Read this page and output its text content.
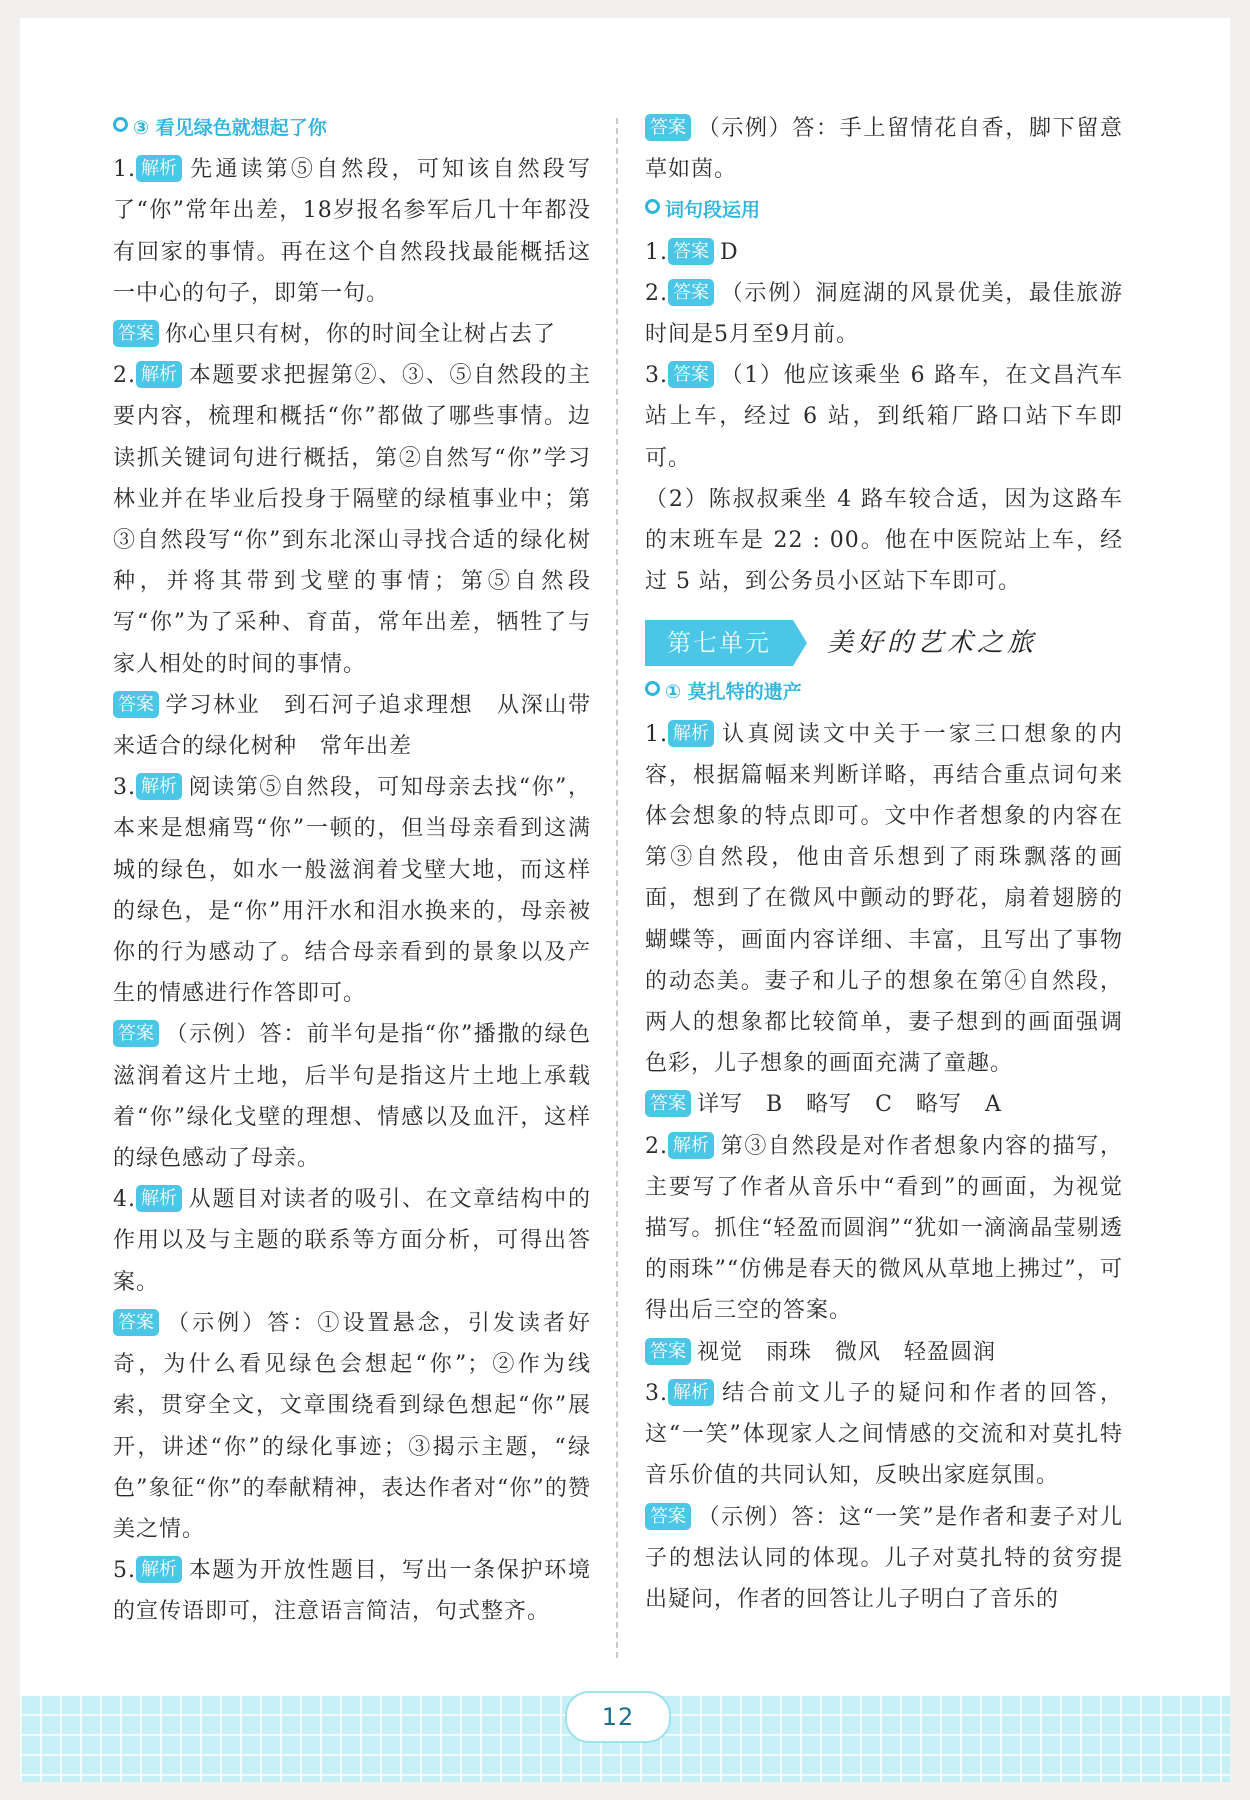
③ 看见绿色就想起了你
1. 解析 先通读第⑤自然段，可知该自然段写了“你”常年出差，18岁报名参军后几十年都没有回家的事情。再在这个自然段找最能概括这一中心的句子，即第一句。
答案 你心里只有树，你的时间全让树占去了
2. 解析 本题要求把握第②、③、⑤自然段的主要内容，梳理和概括“你”都做了哪些事情。边读抓关键词句进行概括，第②自然写“你”学习林业并在毕业后投身于隔壁的绿植事业中；第③自然段写“你”到东北深山寻找合适的绿化树种，并将其带到戈壁的事情；第⑤自然段写“你”为了采种、育苗，常年出差，牺牲了与家人相处的时间的事情。
答案 学习林业　到石河子追求理想　从深山带来适合的绿化树种　常年出差
3. 解析 阅读第⑤自然段，可知母亲去找“你”，本来是想痛骂“你”一顿的，但当母亲看到这满城的绿色，如水一般滋润着戈壁大地，而这样的绿色，是“你”用汗水和泪水换来的，母亲被你的行为感动了。结合母亲看到的景象以及产生的情感进行作答即可。
答案 （示例）答：前半句是指“你”播撒的绿色滋润着这片土地，后半句是指这片土地上承载着“你”绿化戈壁的理想、情感以及血汗，这样的绿色感动了母亲。
4. 解析 从题目对读者的吸引、在文章结构中的作用以及与主题的联系等方面分析，可得出答案。
答案 （示例）答：①设置悬念，引发读者好奇，为什么看见绿色会想起“你”；②作为线索，贯穿全文，文章围绕看到绿色想起“你”展开，讲述“你”的绿化事迹；③揭示主题，“绿色”象征“你”的奉献精神，表达作者对“你”的赞美之情。
5. 解析 本题为开放性题目，写出一条保护环境的宣传语即可，注意语言简洁，句式整齐。
答案 （示例）答：手上留情花自香，脚下留意草如茵。
词句段运用
1. 答案 D
2. 答案 （示例）洞庭湖的风景优美，最佳旅游时间是5月至9月前。
3. 答案 （1）他应该乘坐 6 路车，在文昌汽车站上车，经过 6 站，到纸箱厂路口站下车即可。
（2）陈叔叔乘坐 4 路车较合适，因为这路车的末班车是 22 : 00。他在中医院站上车，经过 5 站，到公务员小区站下车即可。
第七单元	美好的艺术之旅
① 莫扎特的遗产
1. 解析 认真阅读文中关于一家三口想象的内容，根据篇幅来判断详略，再结合重点词句来体会想象的特点即可。文中作者想象的内容在第③自然段，他由音乐想到了雨珠飘落的画面，想到了在微风中颤动的野花，扇着翅膀的蝴蝶等，画面内容详细、丰富，且写出了事物的动态美。妻子和儿子的想象在第④自然段，两人的想象都比较简单，妻子想到的画面强调色彩，儿子想象的画面充满了童趣。
答案 详写　B　略写　C　略写　A
2. 解析 第③自然段是对作者想象内容的描写，主要写了作者从音乐中“看到”的画面，为视觉描写。抓住“轻盈而圆润”“犹如一滴滴晶莹剔透的雨珠”“仿佛是春天的微风从草地上拂过”，可得出后三空的答案。
答案 视觉　雨珠　微风　轻盈圆润
3. 解析 结合前文儿子的疑问和作者的回答，这“一笑”体现家人之间情感的交流和对莫扎特音乐价值的共同认知，反映出家庭氛围。
答案 （示例）答：这“一笑”是作者和妻子对儿子的想法认同的体现。儿子对莫扎特的贫穷提出疑问，作者的回答让儿子明白了音乐的
12
